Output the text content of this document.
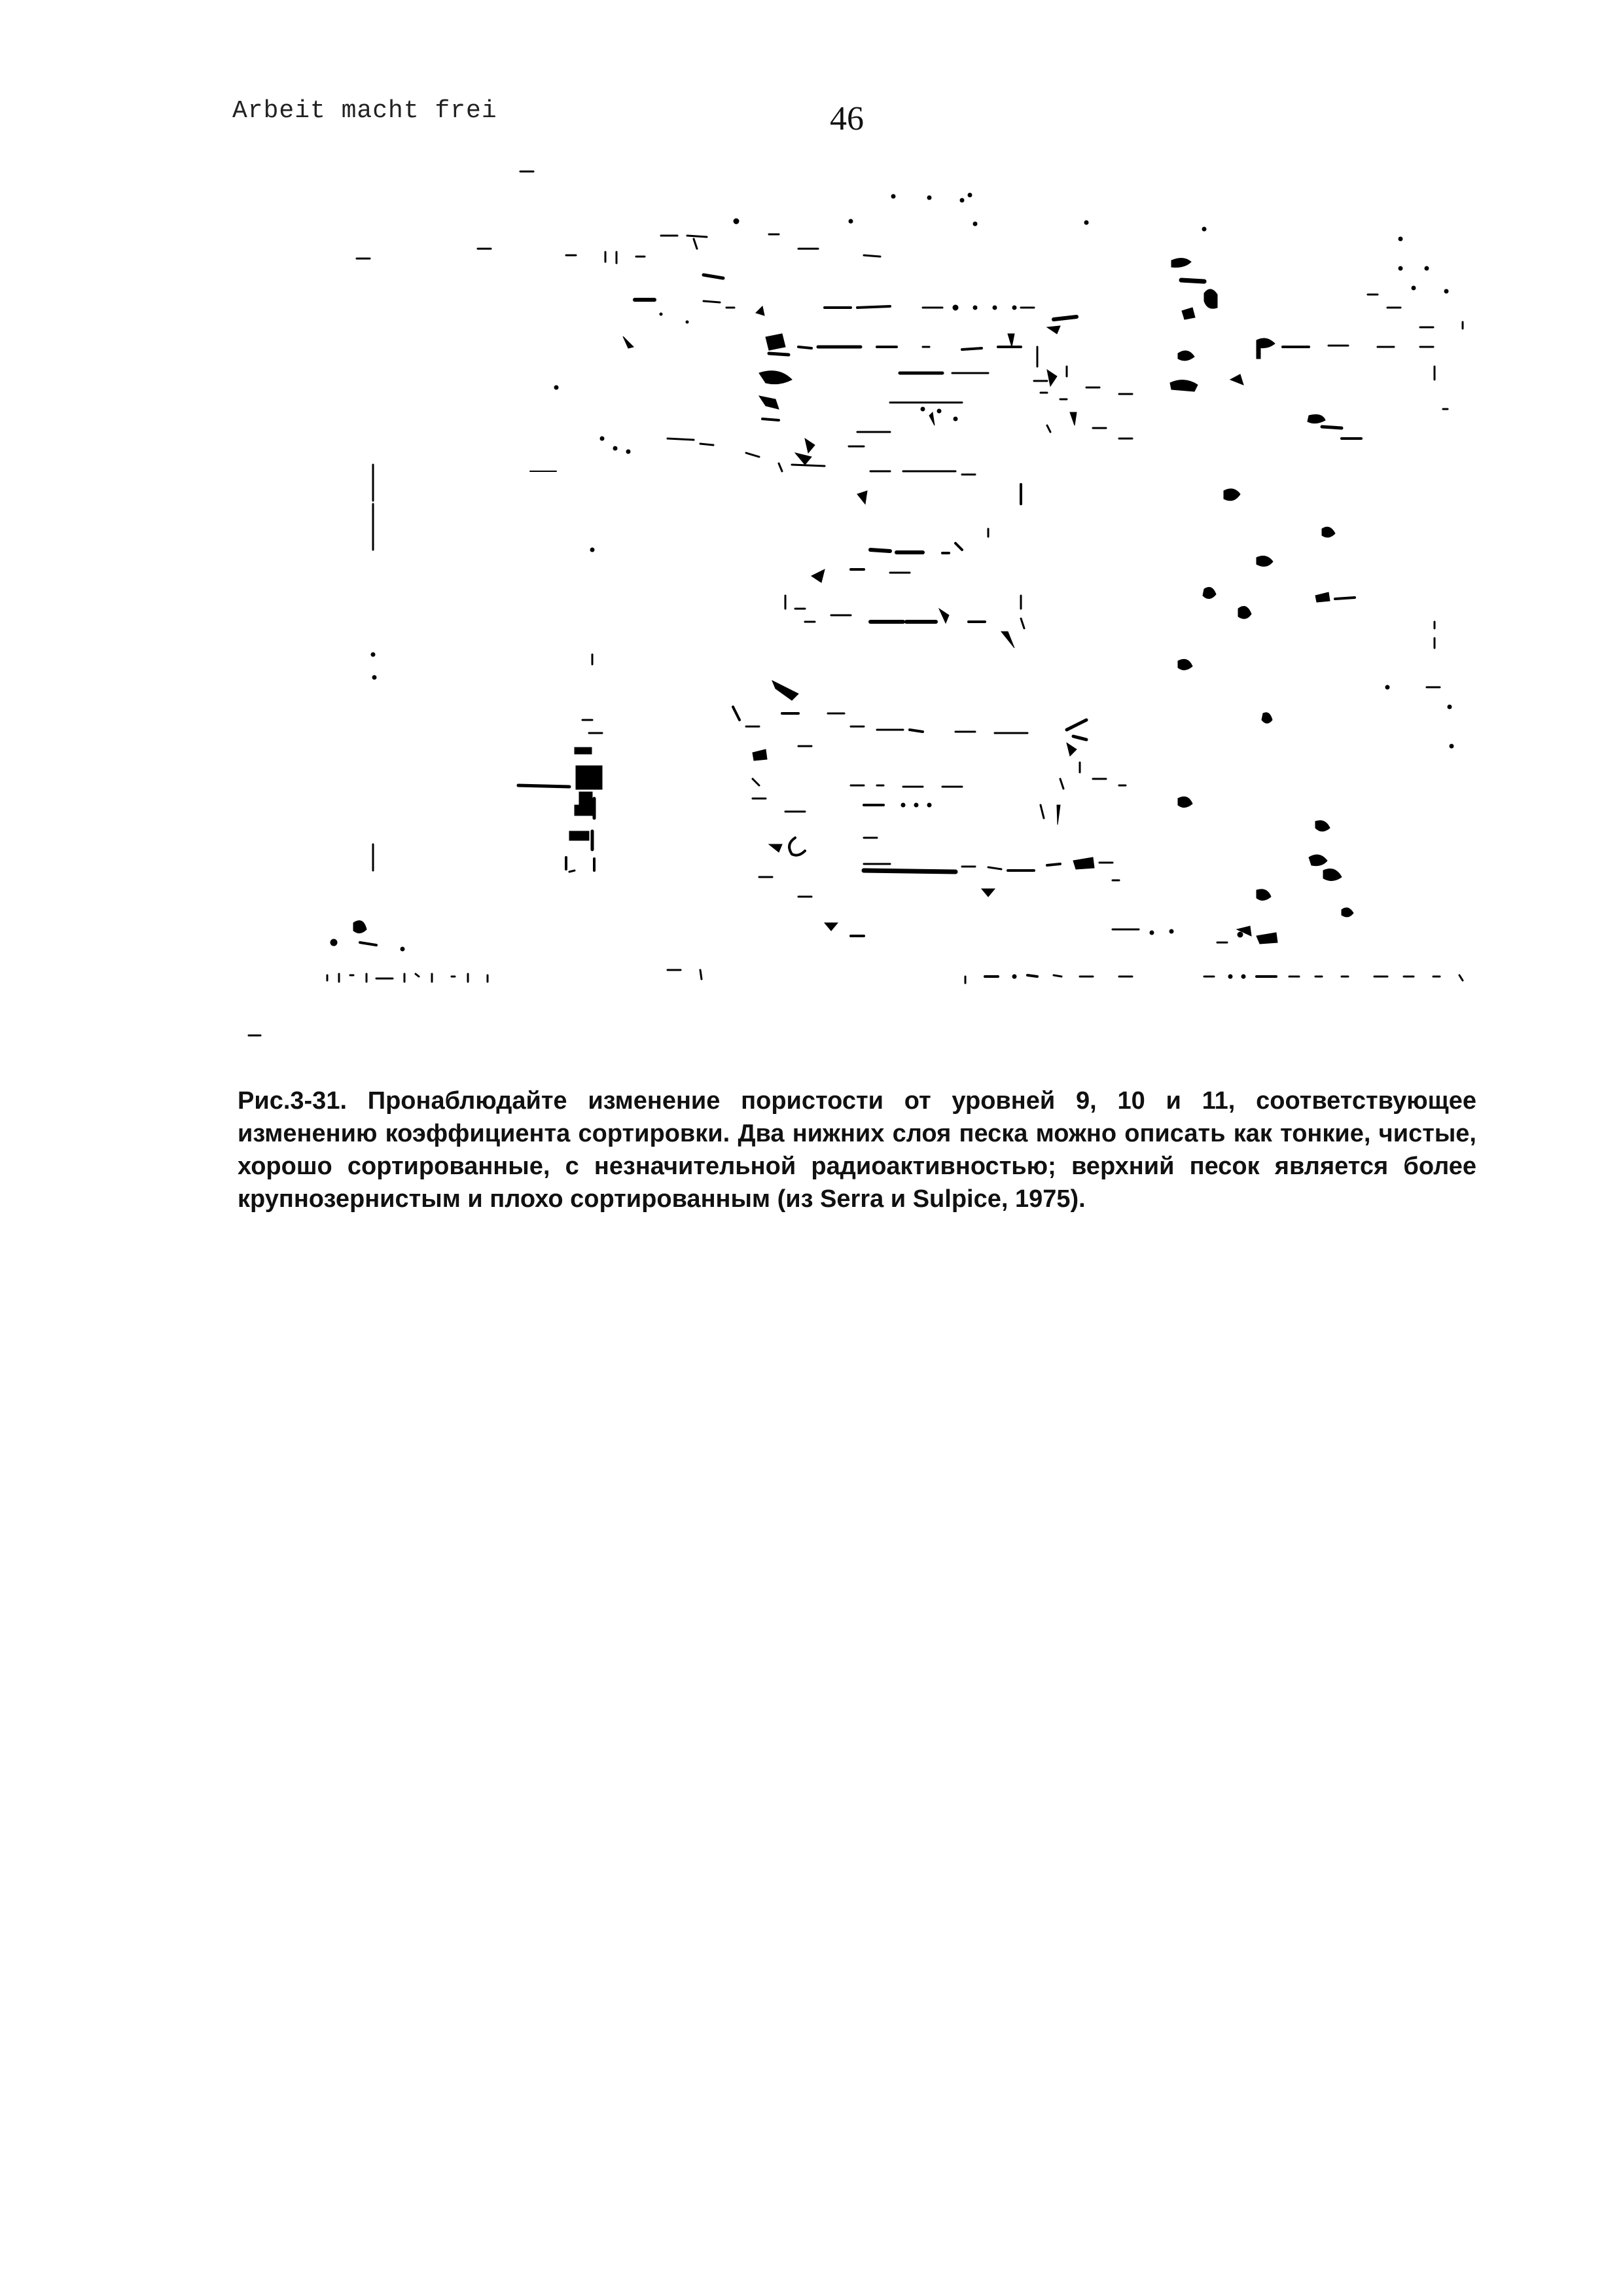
Arbeit macht frei	46

Рис.3-31. Пронаблюдайте изменение пористости от уровней 9, 10 и 11, соответствующее изменению коэффициента сортировки. Два нижних слоя песка можно описать как тонкие, чистые, хорошо сортированные, с незначительной радиоактивностью; верхний песок является более крупнозернистым и плохо сортированным (из Serra и Sulpice, 1975).
